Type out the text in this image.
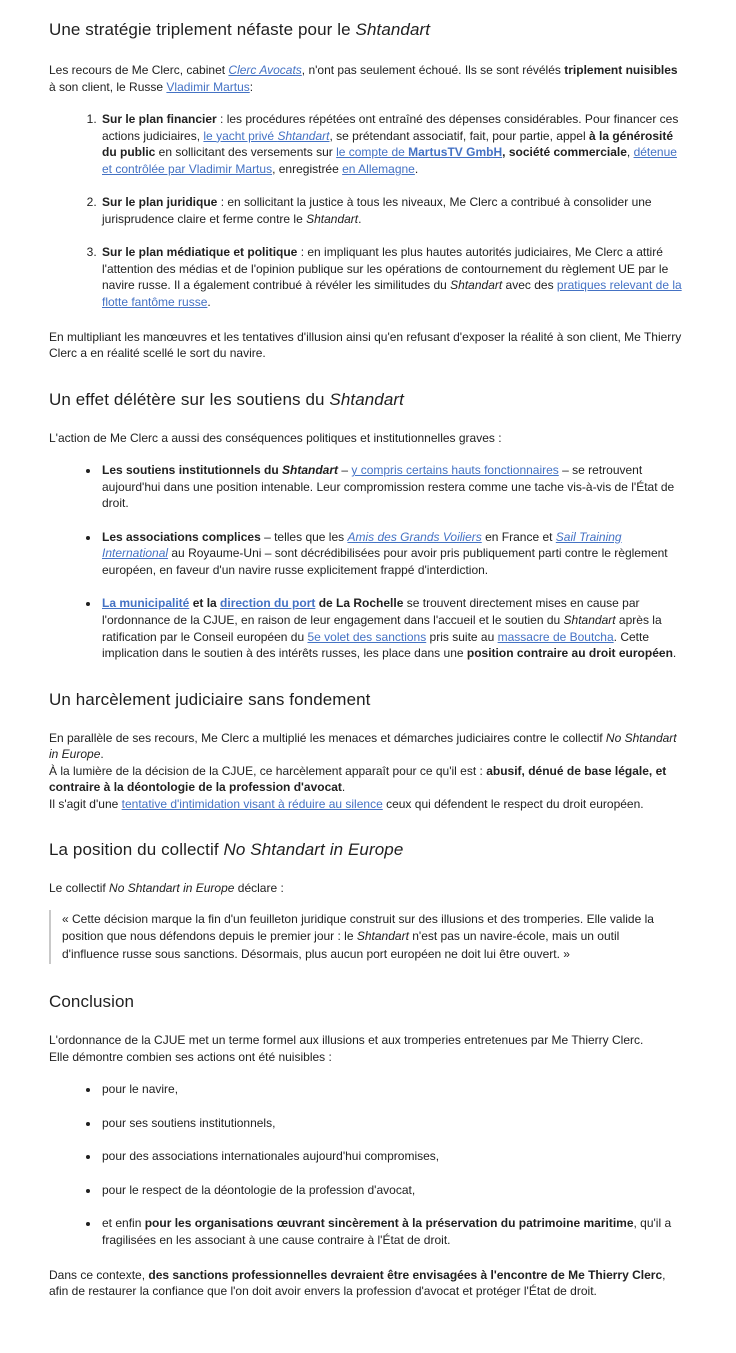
Une stratégie triplement néfaste pour le Shtandart

Les recours de Me Clerc, cabinet Clerc Avocats, n'ont pas seulement échoué. Ils se sont révélés triplement nuisibles à son client, le Russe Vladimir Martus:

1. Sur le plan financier : les procédures répétées ont entraîné des dépenses considérables. Pour financer ces actions judiciaires, le yacht privé Shtandart, se prétendant associatif, fait, pour partie, appel à la générosité du public en sollicitant des versements sur le compte de MartusTV GmbH, société commerciale, détenue et contrôlée par Vladimir Martus, enregistrée en Allemagne.
2. Sur le plan juridique : en sollicitant la justice à tous les niveaux, Me Clerc a contribué à consolider une jurisprudence claire et ferme contre le Shtandart.
3. Sur le plan médiatique et politique : en impliquant les plus hautes autorités judiciaires, Me Clerc a attiré l'attention des médias et de l'opinion publique sur les opérations de contournement du règlement UE par le navire russe. Il a également contribué à révéler les similitudes du Shtandart avec des pratiques relevant de la flotte fantôme russe.

En multipliant les manœuvres et les tentatives d'illusion ainsi qu'en refusant d'exposer la réalité à son client, Me Thierry Clerc a en réalité scellé le sort du navire.

Un effet délétère sur les soutiens du Shtandart

L'action de Me Clerc a aussi des conséquences politiques et institutionnelles graves :

• Les soutiens institutionnels du Shtandart – y compris certains hauts fonctionnaires – se retrouvent aujourd'hui dans une position intenable. Leur compromission restera comme une tache vis-à-vis de l'État de droit.
• Les associations complices – telles que les Amis des Grands Voiliers en France et Sail Training International au Royaume-Uni – sont décrédibilisées pour avoir pris publiquement parti contre le règlement européen, en faveur d'un navire russe explicitement frappé d'interdiction.
• La municipalité et la direction du port de La Rochelle se trouvent directement mises en cause par l'ordonnance de la CJUE, en raison de leur engagement dans l'accueil et le soutien du Shtandart après la ratification par le Conseil européen du 5e volet des sanctions pris suite au massacre de Boutcha. Cette implication dans le soutien à des intérêts russes, les place dans une position contraire au droit européen.
Un harcèlement judiciaire sans fondement

En parallèle de ses recours, Me Clerc a multiplié les menaces et démarches judiciaires contre le collectif No Shtandart in Europe.
À la lumière de la décision de la CJUE, ce harcèlement apparaît pour ce qu'il est : abusif, dénué de base légale, et contraire à la déontologie de la profession d'avocat.
Il s'agit d'une tentative d'intimidation visant à réduire au silence ceux qui défendent le respect du droit européen.

La position du collectif No Shtandart in Europe

Le collectif No Shtandart in Europe déclare :

« Cette décision marque la fin d'un feuilleton juridique construit sur des illusions et des tromperies. Elle valide la position que nous défendons depuis le premier jour : le Shtandart n'est pas un navire-école, mais un outil d'influence russe sous sanctions. Désormais, plus aucun port européen ne doit lui être ouvert. »
Conclusion

L'ordonnance de la CJUE met un terme formel aux illusions et aux tromperies entretenues par Me Thierry Clerc.
Elle démontre combien ses actions ont été nuisibles :

• pour le navire,
• pour ses soutiens institutionnels,
• pour des associations internationales aujourd'hui compromises,
• pour le respect de la déontologie de la profession d'avocat,
• et enfin pour les organisations œuvrant sincèrement à la préservation du patrimoine maritime, qu'il a fragilisées en les associant à une cause contraire à l'État de droit.

Dans ce contexte, des sanctions professionnelles devraient être envisagées à l'encontre de Me Thierry Clerc, afin de restaurer la confiance que l'on doit avoir envers la profession d'avocat et protéger l'État de droit.
